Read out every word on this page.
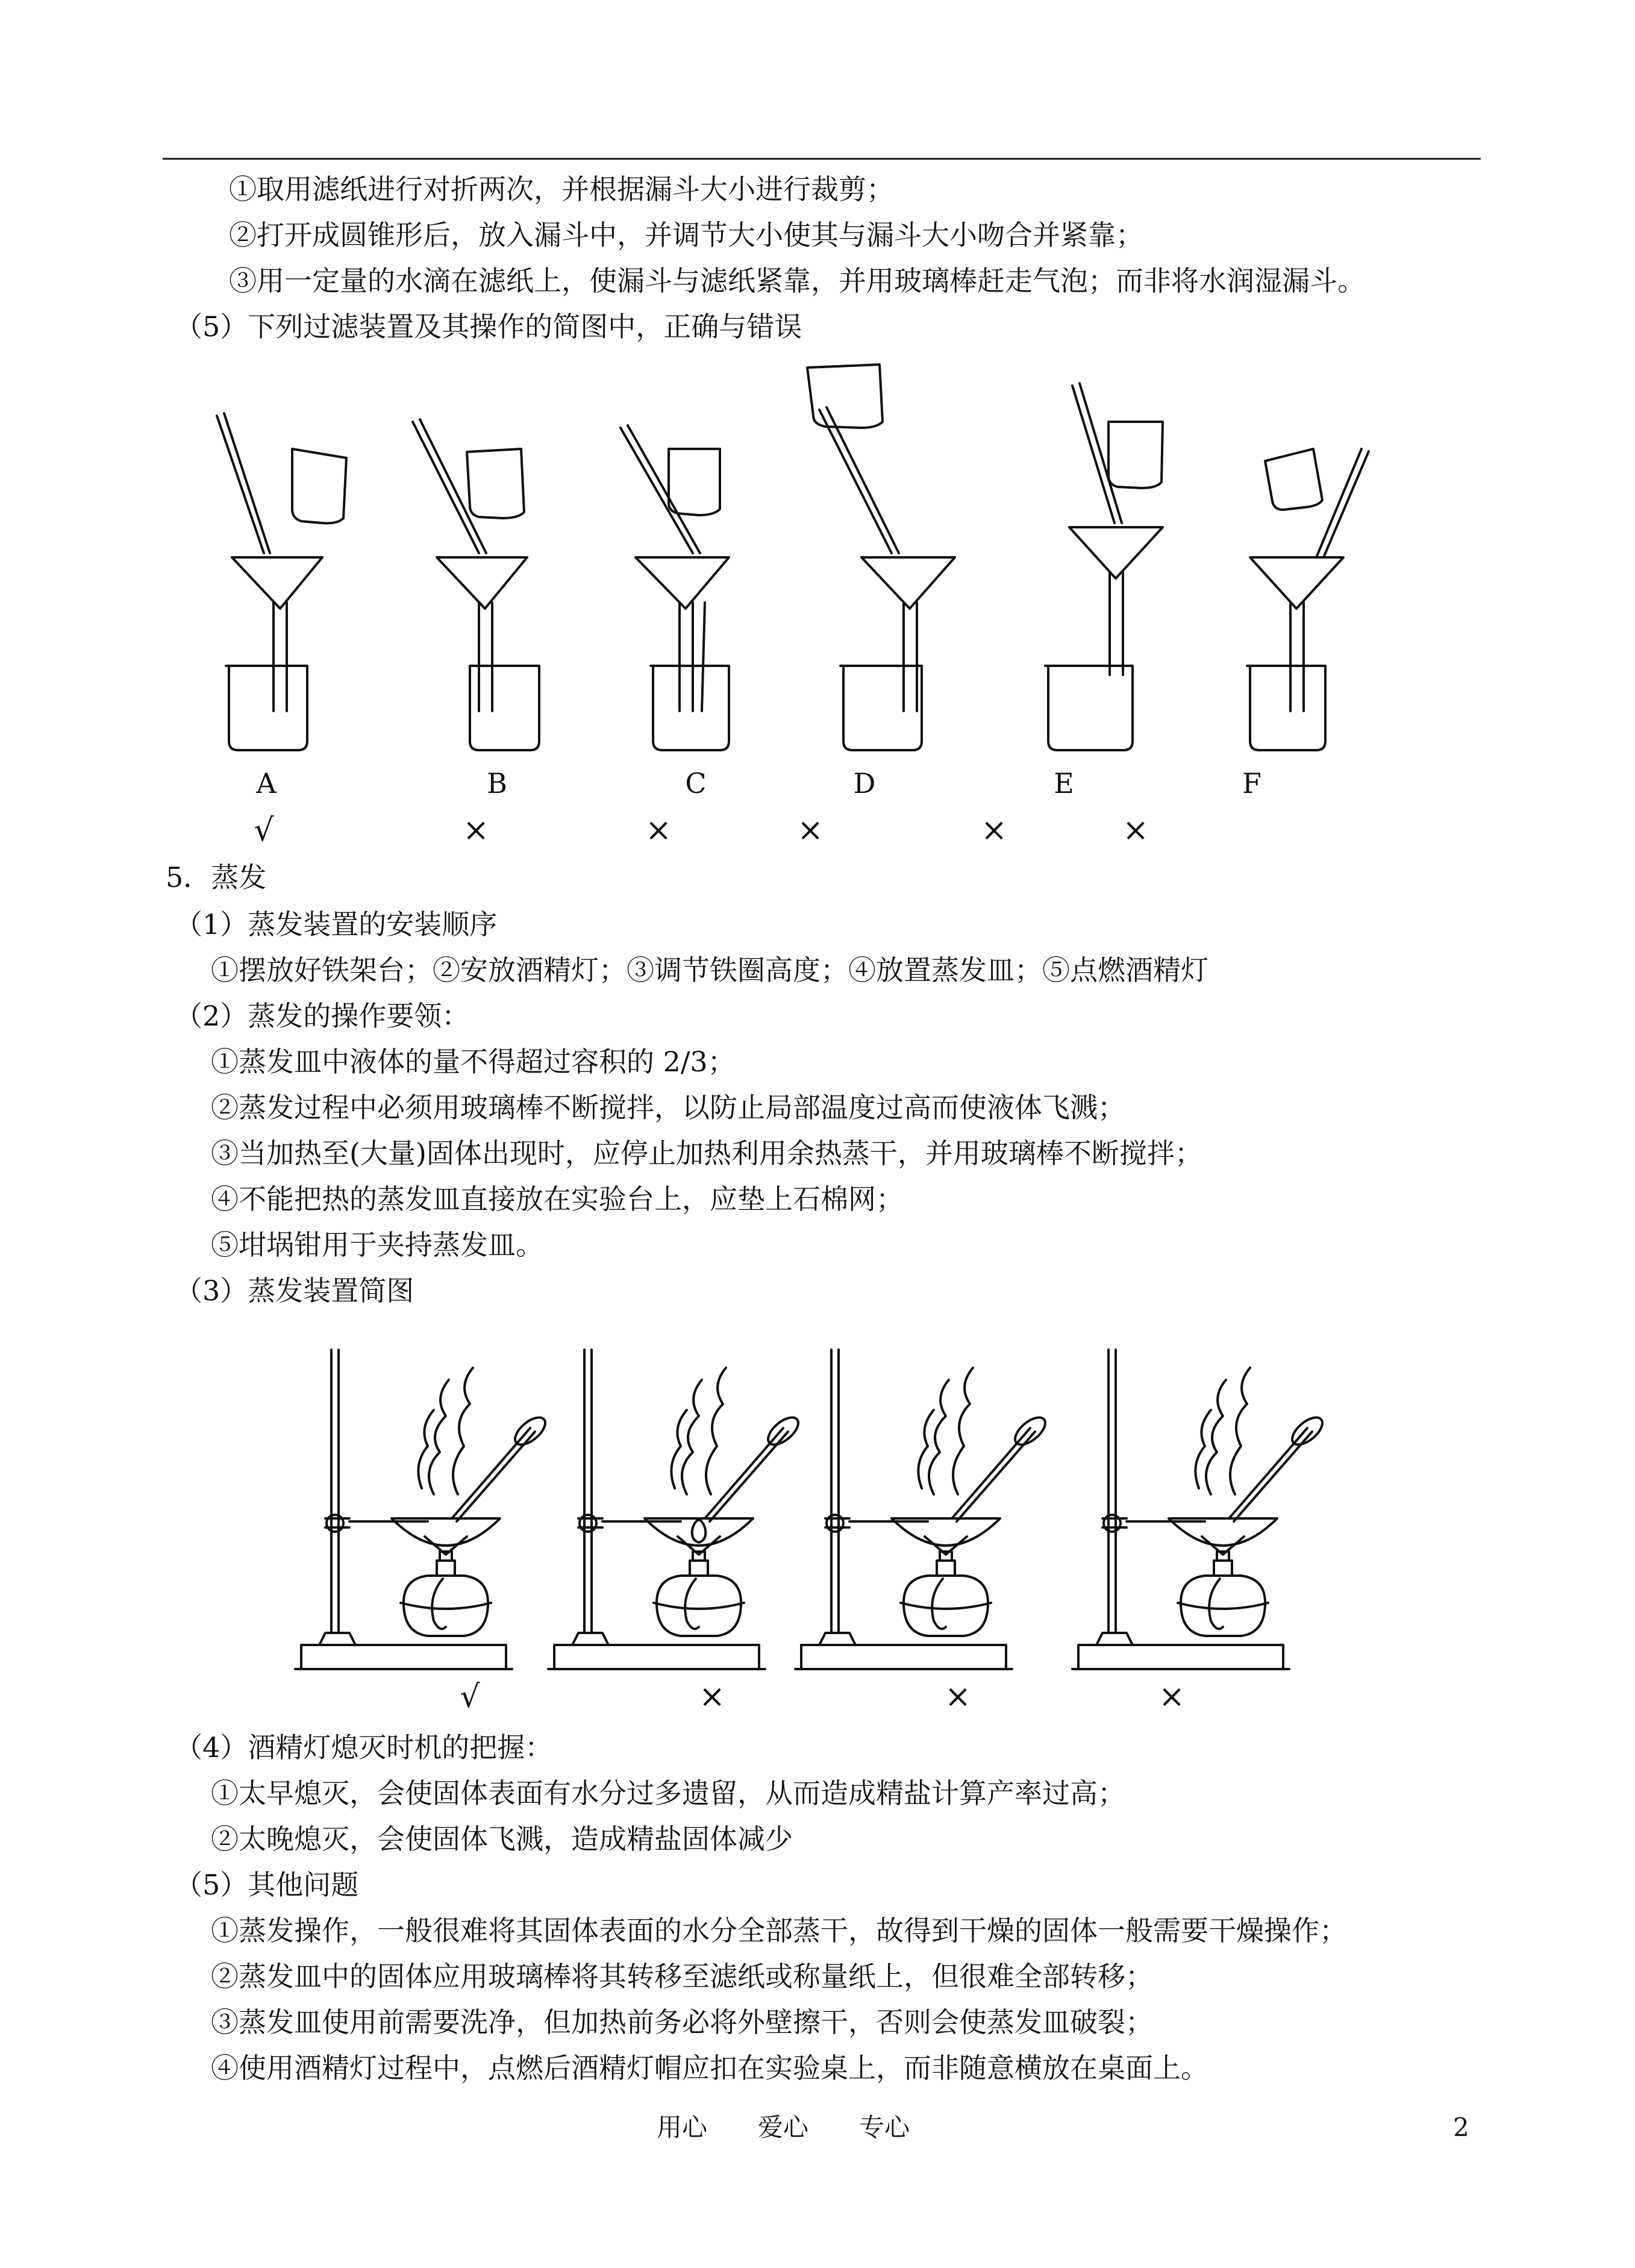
①取用滤纸进行对折两次，并根据漏斗大小进行裁剪；
②打开成圆锥形后，放入漏斗中，并调节大小使其与漏斗大小吻合并紧靠；
③用一定量的水滴在滤纸上，使漏斗与滤纸紧靠，并用玻璃棒赶走气泡；而非将水润湿漏斗。
（5）下列过滤装置及其操作的简图中，正确与错误
A	B	C	D	E	F
√	×	×	×	×	×
5．蒸发
（1）蒸发装置的安装顺序
①摆放好铁架台；②安放酒精灯；③调节铁圈高度；④放置蒸发皿；⑤点燃酒精灯
（2）蒸发的操作要领：
①蒸发皿中液体的量不得超过容积的 2/3；
②蒸发过程中必须用玻璃棒不断搅拌，以防止局部温度过高而使液体飞溅；
③当加热至(大量)固体出现时，应停止加热利用余热蒸干，并用玻璃棒不断搅拌；
④不能把热的蒸发皿直接放在实验台上，应垫上石棉网；
⑤坩埚钳用于夹持蒸发皿。
（3）蒸发装置简图
√	×	×	×
（4）酒精灯熄灭时机的把握：
①太早熄灭，会使固体表面有水分过多遗留，从而造成精盐计算产率过高；
②太晚熄灭，会使固体飞溅，造成精盐固体减少
（5）其他问题
①蒸发操作，一般很难将其固体表面的水分全部蒸干，故得到干燥的固体一般需要干燥操作；
②蒸发皿中的固体应用玻璃棒将其转移至滤纸或称量纸上，但很难全部转移；
③蒸发皿使用前需要洗净，但加热前务必将外壁擦干，否则会使蒸发皿破裂；
④使用酒精灯过程中，点燃后酒精灯帽应扣在实验桌上，而非随意横放在桌面上。
用心　　爱心　　专心	2
